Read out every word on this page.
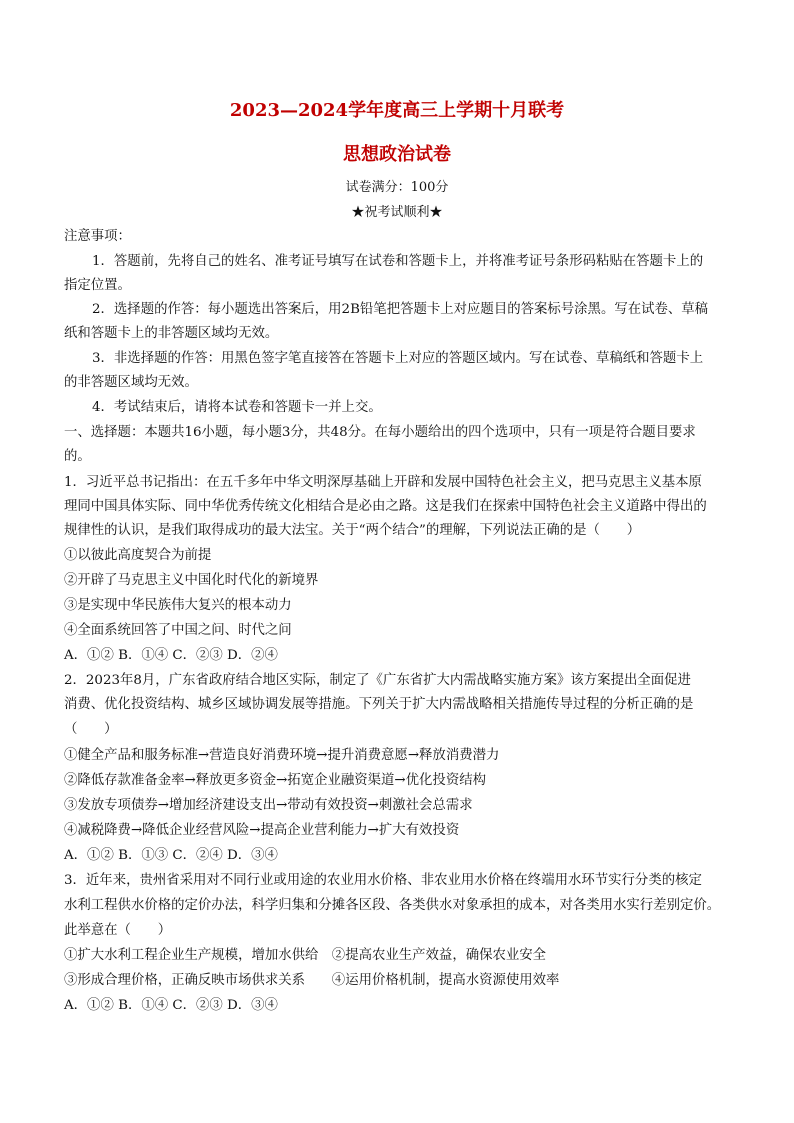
2023—2024学年度高三上学期十月联考
思想政治试卷
试卷满分：100分
★祝考试顺利★
注意事项：
1．答题前，先将自己的姓名、准考证号填写在试卷和答题卡上，并将准考证号条形码粘贴在答题卡上的
指定位置。
2．选择题的作答：每小题选出答案后，用2B铅笔把答题卡上对应题目的答案标号涂黑。写在试卷、草稿
纸和答题卡上的非答题区域均无效。
3．非选择题的作答：用黑色签字笔直接答在答题卡上对应的答题区域内。写在试卷、草稿纸和答题卡上
的非答题区域均无效。
4．考试结束后，请将本试卷和答题卡一并上交。
一、选择题：本题共16小题，每小题3分，共48分。在每小题给出的四个选项中，只有一项是符合题目要求
的。
1．习近平总书记指出：在五千多年中华文明深厚基础上开辟和发展中国特色社会主义，把马克思主义基本原
理同中国具体实际、同中华优秀传统文化相结合是必由之路。这是我们在探索中国特色社会主义道路中得出的
规律性的认识，是我们取得成功的最大法宝。关于“两个结合”的理解，下列说法正确的是（　　）
①以彼此高度契合为前提
②开辟了马克思主义中国化时代化的新境界
③是实现中华民族伟大复兴的根本动力
④全面系统回答了中国之问、时代之问
A．①② B．①④ C．②③ D．②④
2．2023年8月，广东省政府结合地区实际，制定了《广东省扩大内需战略实施方案》该方案提出全面促进
消费、优化投资结构、城乡区域协调发展等措施。下列关于扩大内需战略相关措施传导过程的分析正确的是
（　　）
①健全产品和服务标准→营造良好消费环境→提升消费意愿→释放消费潜力
②降低存款准备金率→释放更多资金→拓宽企业融资渠道→优化投资结构
③发放专项债券→增加经济建设支出→带动有效投资→刺激社会总需求
④减税降费→降低企业经营风险→提高企业营利能力→扩大有效投资
A．①② B．①③ C．②④ D．③④
3．近年来，贵州省采用对不同行业或用途的农业用水价格、非农业用水价格在终端用水环节实行分类的核定
水利工程供水价格的定价办法，科学归集和分摊各区段、各类供水对象承担的成本，对各类用水实行差别定价。
此举意在（　　）
①扩大水利工程企业生产规模，增加水供给　②提高农业生产效益，确保农业安全
③形成合理价格，正确反映市场供求关系　　④运用价格机制，提高水资源使用效率
A．①② B．①④ C．②③ D．③④
